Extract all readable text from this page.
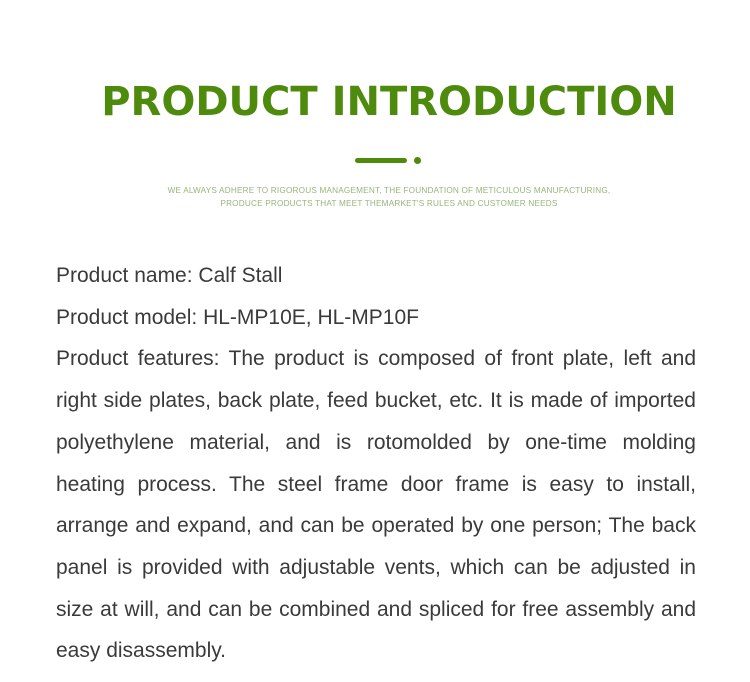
PRODUCT INTRODUCTION
WE ALWAYS ADHERE TO RIGOROUS MANAGEMENT, THE FOUNDATION OF METICULOUS MANUFACTURING,
PRODUCE PRODUCTS THAT MEET THEMARKET'S RULES AND CUSTOMER NEEDS

Product name: Calf Stall

Product model: HL-MP10E, HL-MP10F

Product features: The product is composed of front plate, left and right side plates, back plate, feed bucket, etc. It is made of imported polyethylene material, and is rotomolded by one-time molding heating process. The steel frame door frame is easy to install, arrange and expand, and can be operated by one person; The back panel is provided with adjustable vents, which can be adjusted in size at will, and can be combined and spliced for free assembly and easy disassembly.
